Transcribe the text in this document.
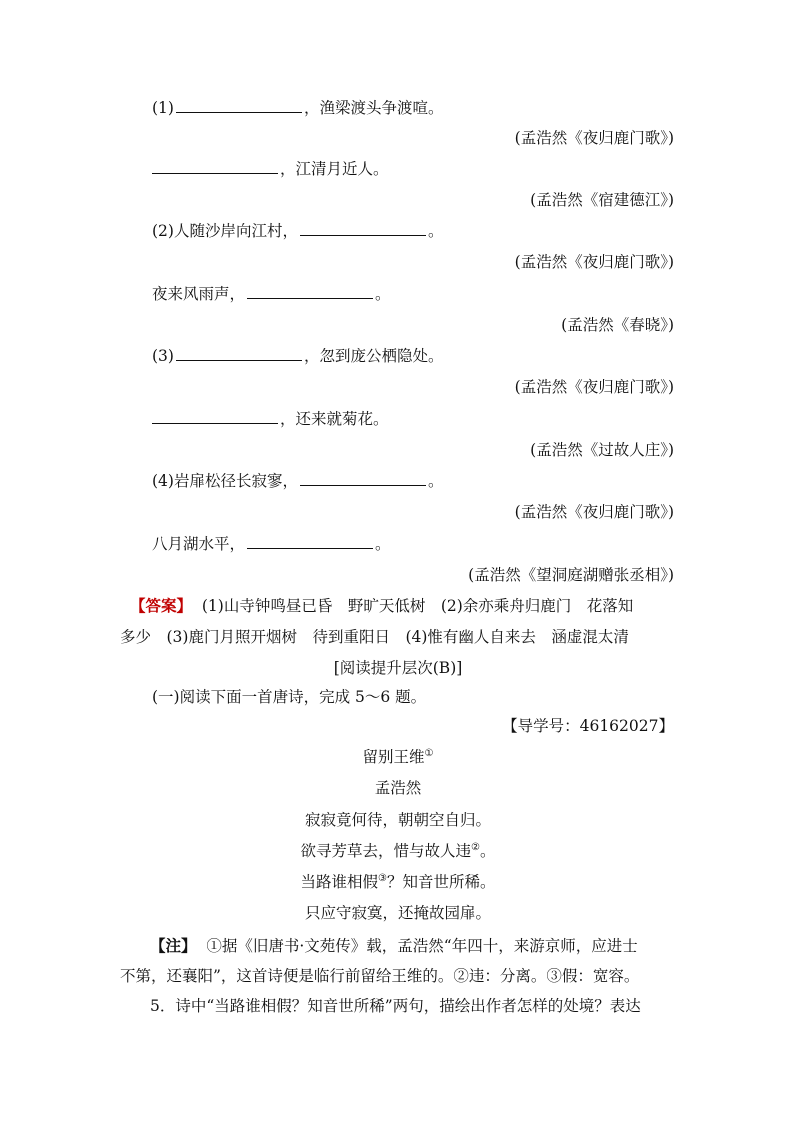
(1)	，渔梁渡头争渡喧。
(孟浩然《夜归鹿门歌》)
，江清月近人。
(孟浩然《宿建德江》)
(2)人随沙岸向江村，	。
(孟浩然《夜归鹿门歌》)
夜来风雨声，	。
(孟浩然《春晓》)
(3)	，忽到庞公栖隐处。
(孟浩然《夜归鹿门歌》)
，还来就菊花。
(孟浩然《过故人庄》)
(4)岩扉松径长寂寥，	。
(孟浩然《夜归鹿门歌》)
八月湖水平，	。
(孟浩然《望洞庭湖赠张丞相》)
【答案】 (1)山寺钟鸣昼已昏　野旷天低树　(2)余亦乘舟归鹿门　花落知
多少　(3)鹿门月照开烟树　待到重阳日　(4)惟有幽人自来去　涵虚混太清
[阅读提升层次(B)]
(一)阅读下面一首唐诗，完成 5～6 题。
【导学号：46162027】
留别王维①
孟浩然
寂寂竟何待，朝朝空自归。
欲寻芳草去，惜与故人违②。
当路谁相假③？知音世所稀。
只应守寂寞，还掩故园扉。
【注】 ①据《旧唐书·文苑传》载，孟浩然“年四十，来游京师，应进士
不第，还襄阳”，这首诗便是临行前留给王维的。②违：分离。③假：宽容。
5．诗中“当路谁相假？知音世所稀”两句，描绘出作者怎样的处境？表达
